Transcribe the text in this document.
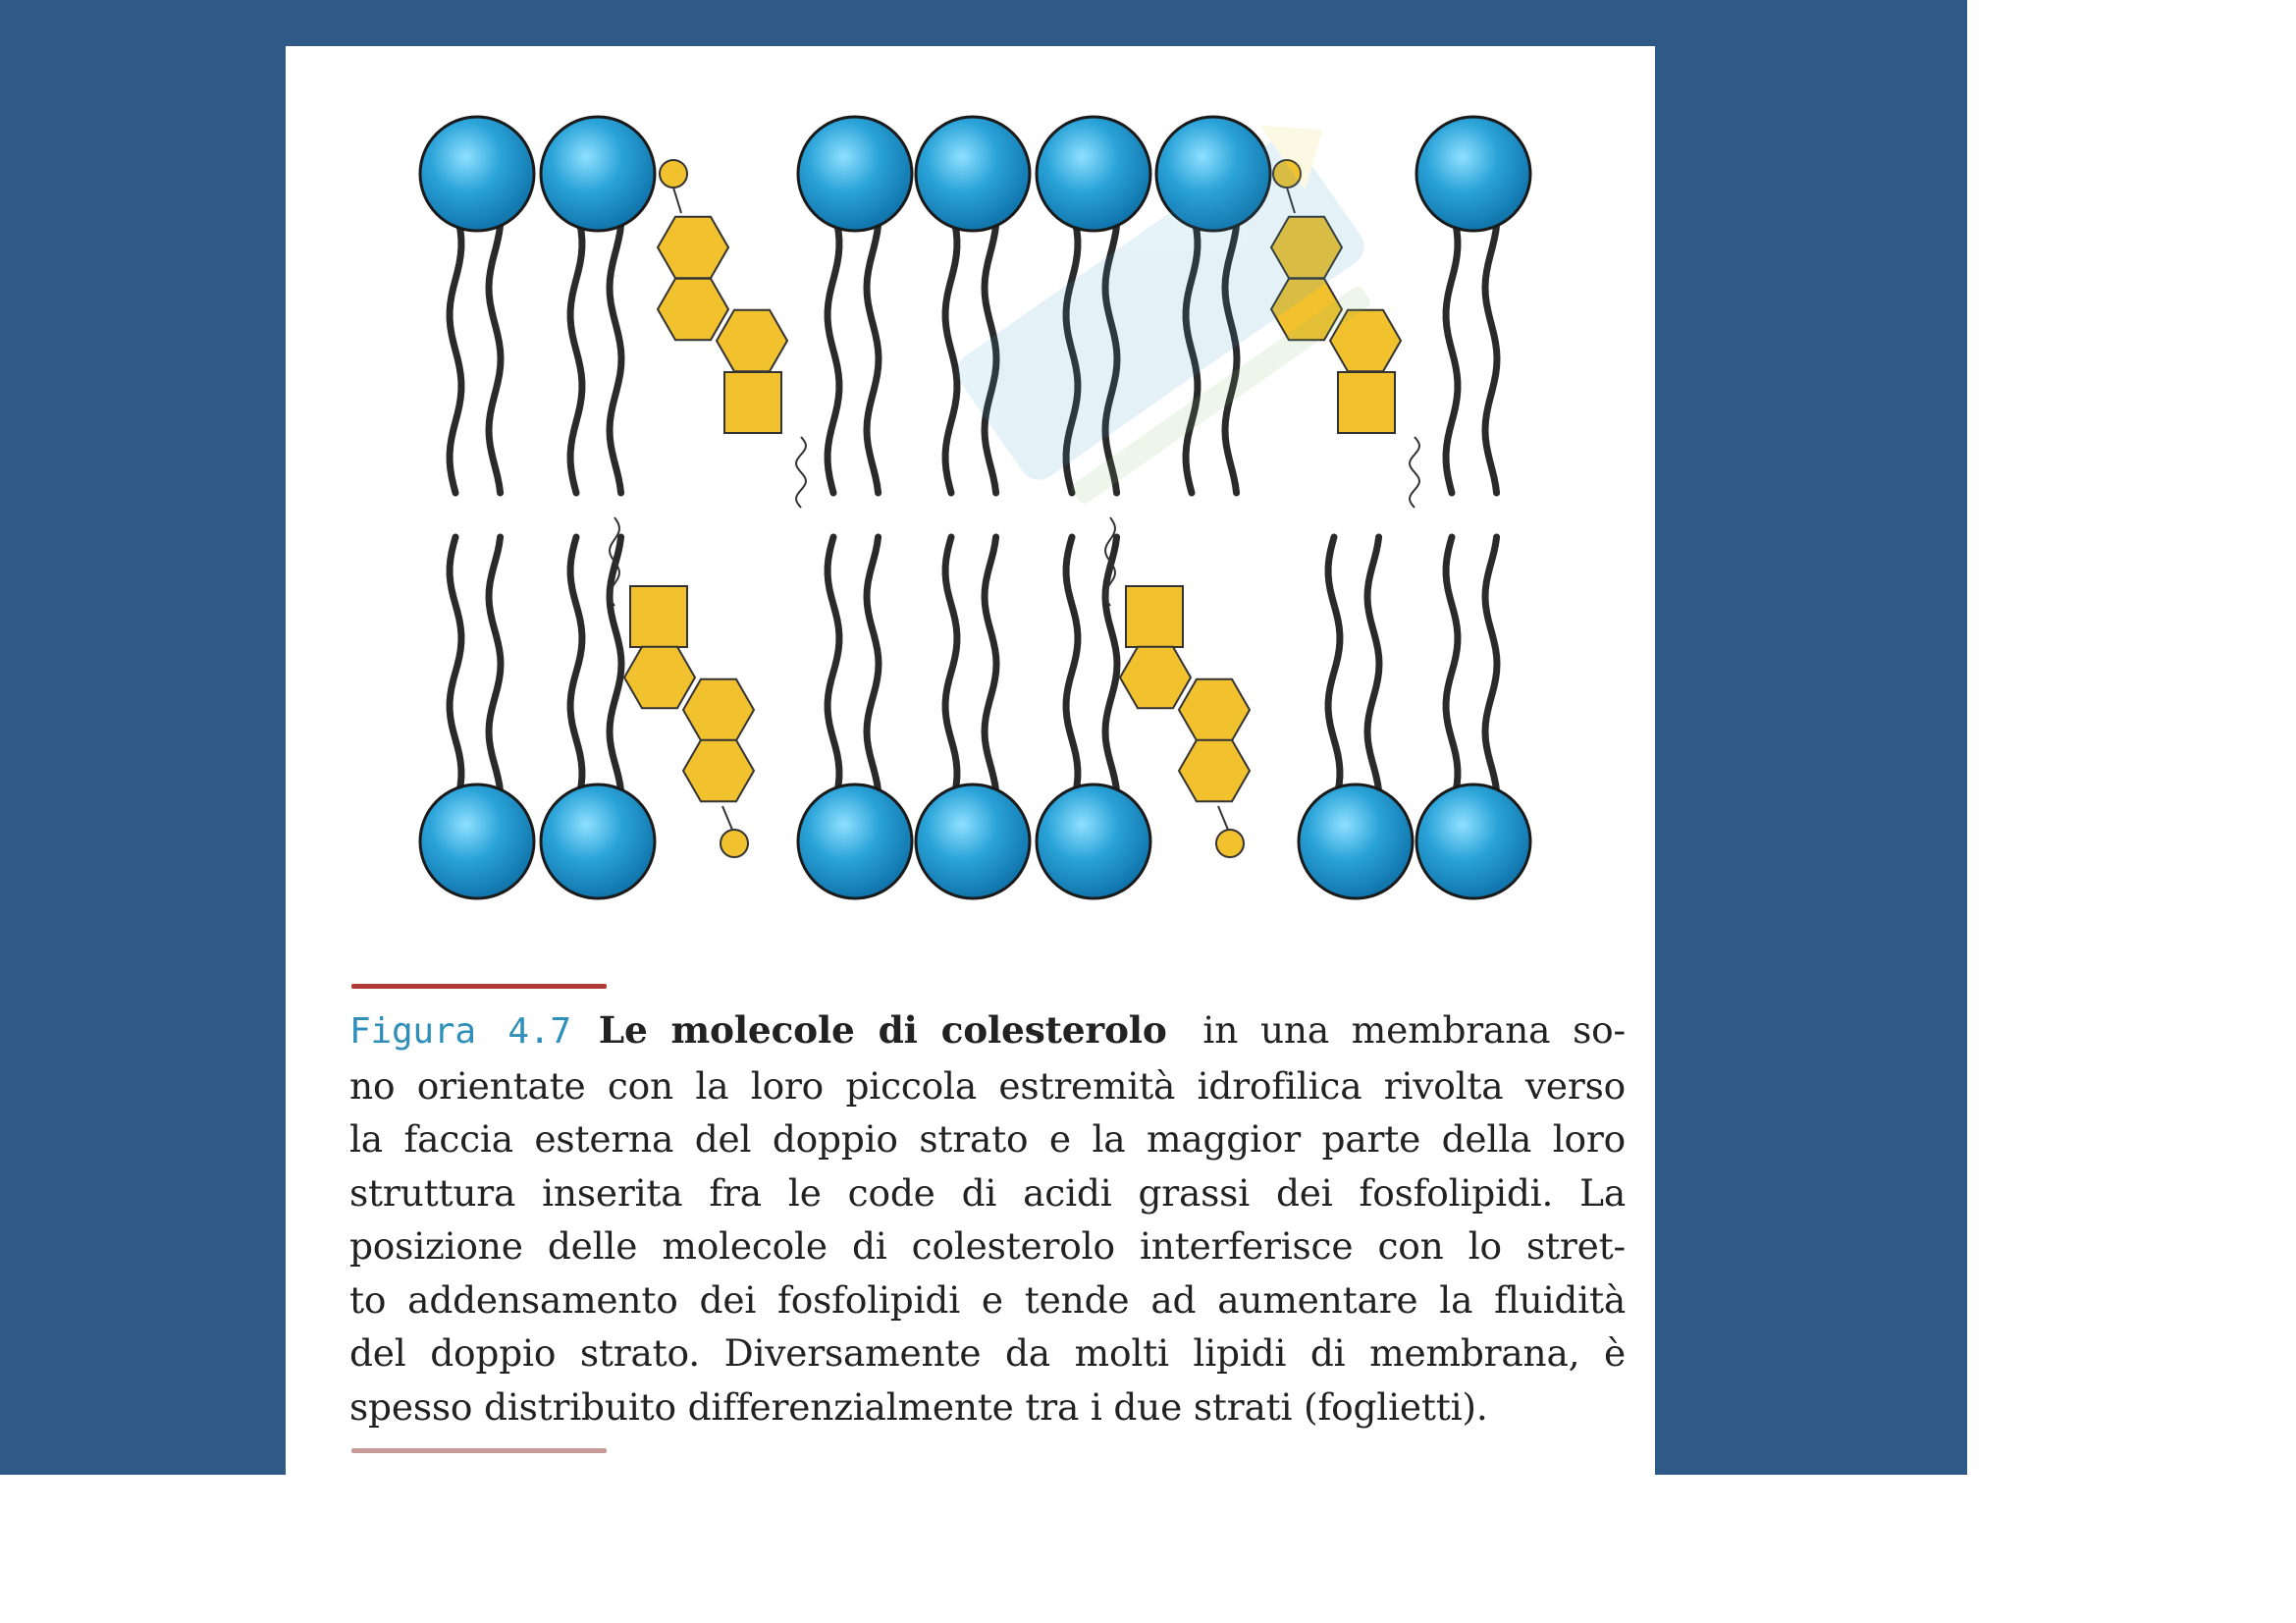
Figura 4.7 Le molecole di colesterolo in una membrana so-
no orientate con la loro piccola estremità idrofilica rivolta verso
la faccia esterna del doppio strato e la maggior parte della loro
struttura inserita fra le code di acidi grassi dei fosfolipidi. La
posizione delle molecole di colesterolo interferisce con lo stret-
to addensamento dei fosfolipidi e tende ad aumentare la fluidità
del doppio strato. Diversamente da molti lipidi di membrana, è
spesso distribuito differenzialmente tra i due strati (foglietti).
